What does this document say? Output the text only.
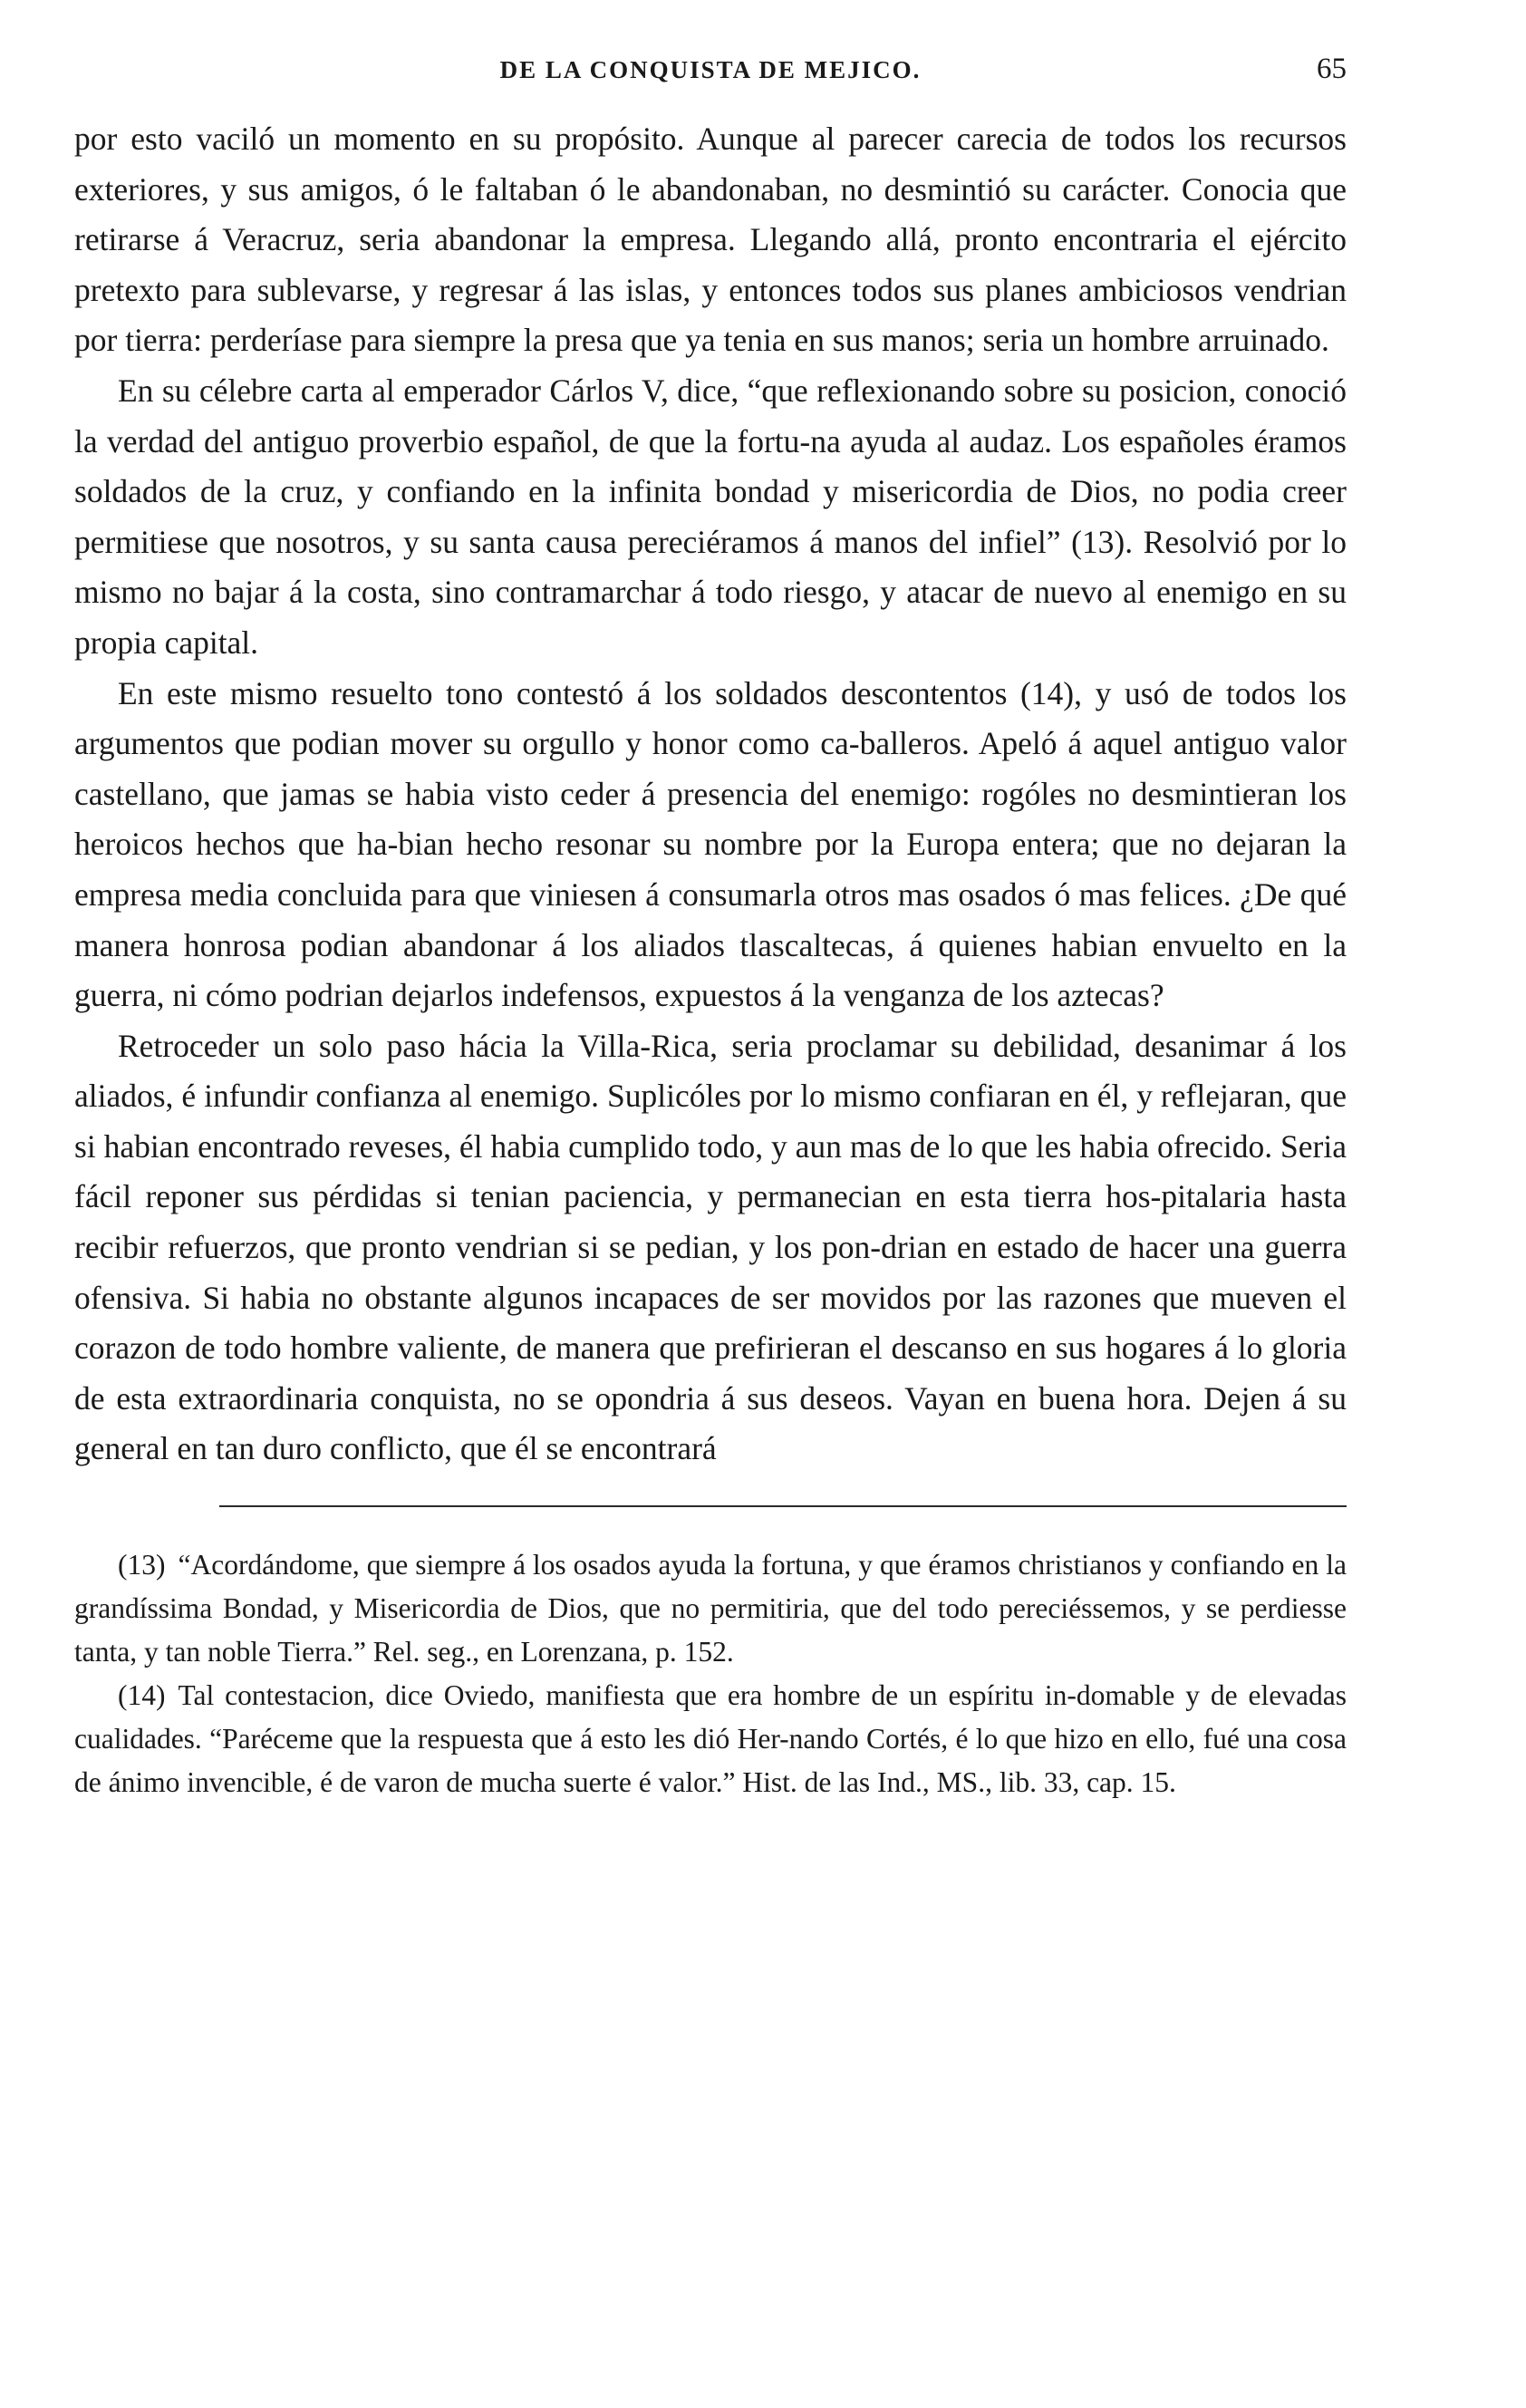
DE LA CONQUISTA DE MEJICO.	65

por esto vaciló un momento en su propósito. Aunque al parecer carecia de todos los recursos exteriores, y sus amigos, ó le faltaban ó le abandonaban, no desmintió su carácter. Conocia que retirarse á Veracruz, seria abandonar la empresa. Llegando allá, pronto encontraria el ejército pretexto para sublevarse, y regresar á las islas, y entonces todos sus planes ambiciosos vendrian por tierra: perderíase para siempre la presa que ya tenia en sus manos; seria un hombre arruinado.

En su célebre carta al emperador Cárlos V, dice, “que reflexionando sobre su posicion, conoció la verdad del antiguo proverbio español, de que la fortu-na ayuda al audaz. Los españoles éramos soldados de la cruz, y confiando en la infinita bondad y misericordia de Dios, no podia creer permitiese que nosotros, y su santa causa pereciéramos á manos del infiel” (13). Resolvió por lo mismo no bajar á la costa, sino contramarchar á todo riesgo, y atacar de nuevo al enemigo en su propia capital.

En este mismo resuelto tono contestó á los soldados descontentos (14), y usó de todos los argumentos que podian mover su orgullo y honor como ca-balleros. Apeló á aquel antiguo valor castellano, que jamas se habia visto ceder á presencia del enemigo: rogóles no desmintieran los heroicos hechos que ha-bian hecho resonar su nombre por la Europa entera; que no dejaran la empresa media concluida para que viniesen á consumarla otros mas osados ó mas felices. ¿De qué manera honrosa podian abandonar á los aliados tlascaltecas, á quienes habian envuelto en la guerra, ni cómo podrian dejarlos indefensos, expuestos á la venganza de los aztecas?

Retroceder un solo paso hácia la Villa-Rica, seria proclamar su debilidad, desanimar á los aliados, é infundir confianza al enemigo. Suplicóles por lo mismo confiaran en él, y reflejaran, que si habian encontrado reveses, él habia cumplido todo, y aun mas de lo que les habia ofrecido. Seria fácil reponer sus pérdidas si tenian paciencia, y permanecian en esta tierra hos-pitalaria hasta recibir refuerzos, que pronto vendrian si se pedian, y los pon-drian en estado de hacer una guerra ofensiva. Si habia no obstante algunos incapaces de ser movidos por las razones que mueven el corazon de todo hombre valiente, de manera que prefirieran el descanso en sus hogares á lo gloria de esta extraordinaria conquista, no se opondria á sus deseos. Vayan en buena hora. Dejen á su general en tan duro conflicto, que él se encontrará

(13) “Acordándome, que siempre á los osados ayuda la fortuna, y que éramos christianos y confiando en la grandíssima Bondad, y Misericordia de Dios, que no permitiria, que del todo pereciéssemos, y se perdiesse tanta, y tan noble Tierra.” Rel. seg., en Lorenzana, p. 152.

(14) Tal contestacion, dice Oviedo, manifiesta que era hombre de un espíritu in-domable y de elevadas cualidades. “Paréceme que la respuesta que á esto les dió Her-nando Cortés, é lo que hizo en ello, fué una cosa de ánimo invencible, é de varon de mucha suerte é valor.” Hist. de las Ind., MS., lib. 33, cap. 15.
